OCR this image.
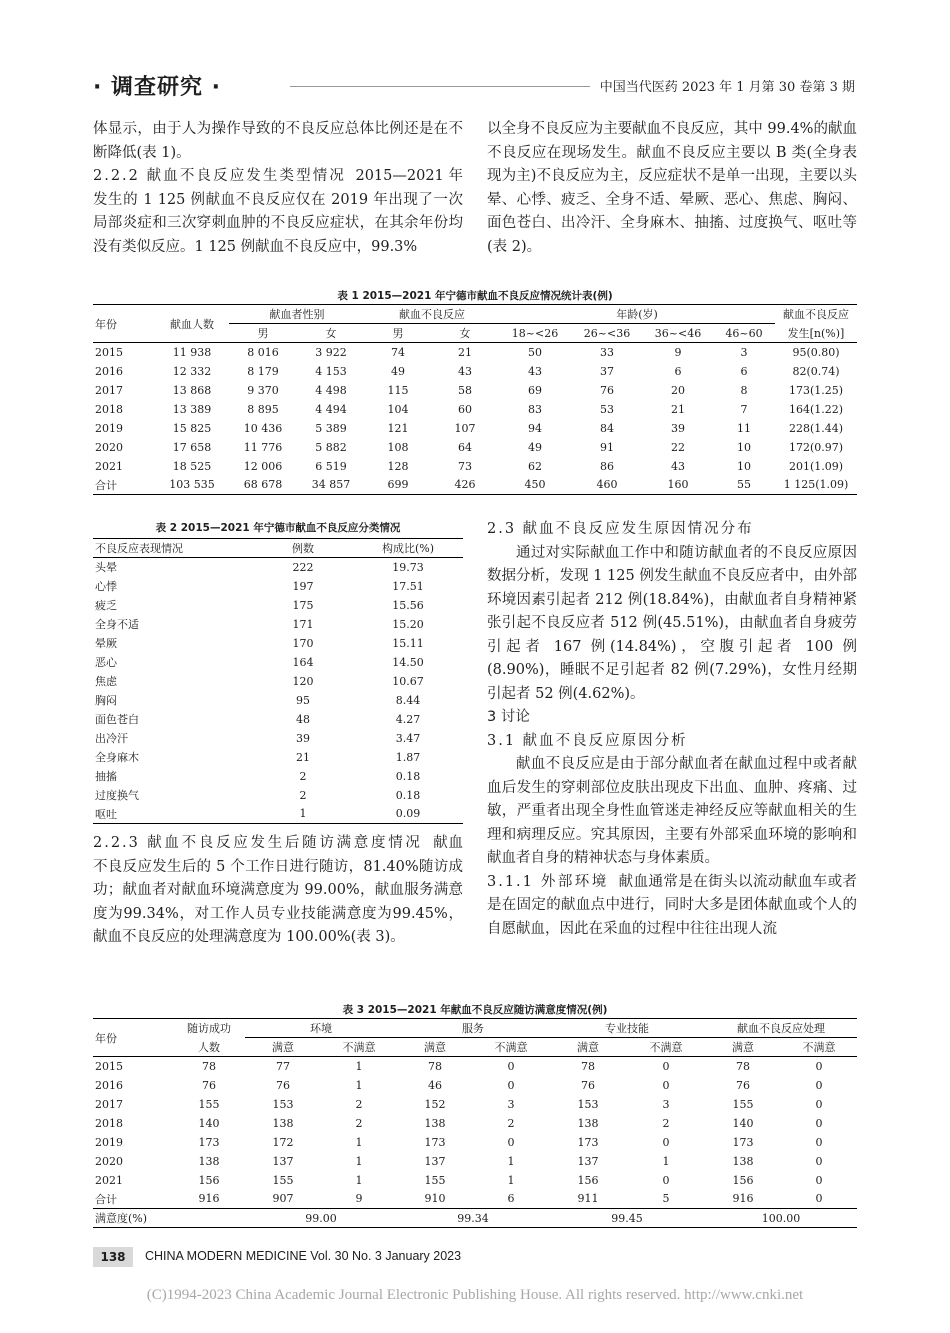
· 调查研究 ·	中国当代医药 2023 年 1 月第 30 卷第 3 期

体显示，由于人为操作导致的不良反应总体比例还是在不断降低(表 1)。

2.2.2 献血不良反应发生类型情况 2015—2021 年发生的 1 125 例献血不良反应仅在 2019 年出现了一次局部炎症和三次穿刺血肿的不良反应症状，在其余年份均没有类似反应。1 125 例献血不良反应中，99.3%

以全身不良反应为主要献血不良反应，其中 99.4%的献血不良反应在现场发生。献血不良反应主要以 B 类(全身表现为主)不良反应为主，反应症状不是单一出现，主要以头晕、心悸、疲乏、全身不适、晕厥、恶心、焦虑、胸闷、面色苍白、出冷汗、全身麻木、抽搐、过度换气、呕吐等(表 2)。

表 1 2015—2021 年宁德市献血不良反应情况统计表(例)
年份	献血人数	献血者性别		献血不良反应		年龄(岁)				献血不良反应
		男	女	男	女	18~<26	26~<36	36~<46	46~60	发生[n(%)]
2015	11 938	8 016	3 922	74	21	50	33	9	3	95(0.80)
2016	12 332	8 179	4 153	49	43	43	37	6	6	82(0.74)
2017	13 868	9 370	4 498	115	58	69	76	20	8	173(1.25)
2018	13 389	8 895	4 494	104	60	83	53	21	7	164(1.22)
2019	15 825	10 436	5 389	121	107	94	84	39	11	228(1.44)
2020	17 658	11 776	5 882	108	64	49	91	22	10	172(0.97)
2021	18 525	12 006	6 519	128	73	62	86	43	10	201(1.09)
合计	103 535	68 678	34 857	699	426	450	460	160	55	1 125(1.09)
表 2 2015—2021 年宁德市献血不良反应分类情况
不良反应表现情况	例数	构成比(%)
头晕	222	19.73
心悸	197	17.51
疲乏	175	15.56
全身不适	171	15.20
晕厥	170	15.11
恶心	164	14.50
焦虑	120	10.67
胸闷	95	8.44
面色苍白	48	4.27
出冷汗	39	3.47
全身麻木	21	1.87
抽搐	2	0.18
过度换气	2	0.18
呕吐	1	0.09

2.2.3 献血不良反应发生后随访满意度情况 献血不良反应发生后的 5 个工作日进行随访，81.40%随访成功；献血者对献血环境满意度为 99.00%，献血服务满意度为99.34%，对工作人员专业技能满意度为99.45%，献血不良反应的处理满意度为 100.00%(表 3)。

2.3 献血不良反应发生原因情况分布

通过对实际献血工作中和随访献血者的不良反应原因数据分析，发现 1 125 例发生献血不良反应者中，由外部环境因素引起者 212 例(18.84%)，由献血者自身精神紧张引起不良反应者 512 例(45.51%)，由献血者自身疲劳引起者 167 例(14.84%)，空腹引起者 100 例(8.90%)，睡眠不足引起者 82 例(7.29%)，女性月经期引起者 52 例(4.62%)。

3 讨论

3.1 献血不良反应原因分析

献血不良反应是由于部分献血者在献血过程中或者献血后发生的穿刺部位皮肤出现皮下出血、血肿、疼痛、过敏，严重者出现全身性血管迷走神经反应等献血相关的生理和病理反应。究其原因，主要有外部采血环境的影响和献血者自身的精神状态与身体素质。

3.1.1 外部环境 献血通常是在街头以流动献血车或者是在固定的献血点中进行，同时大多是团体献血或个人的自愿献血，因此在采血的过程中往往出现人流

表 3 2015—2021 年献血不良反应随访满意度情况(例)
年份	随访成功	环境		服务		专业技能		献血不良反应处理	
	人数	满意	不满意	满意	不满意	满意	不满意	满意	不满意
2015	78	77	1	78	0	78	0	78	0
2016	76	76	1	46	0	76	0	76	0
2017	155	153	2	152	3	153	3	155	0
2018	140	138	2	138	2	138	2	140	0
2019	173	172	1	173	0	173	0	173	0
2020	138	137	1	137	1	137	1	138	0
2021	156	155	1	155	1	156	0	156	0
合计	916	907	9	910	6	911	5	916	0
满意度(%)		99.00		99.34		99.45		100.00	
138	CHINA MODERN MEDICINE Vol. 30 No. 3 January 2023
(C)1994-2023 China Academic Journal Electronic Publishing House. All rights reserved. http://www.cnki.net
